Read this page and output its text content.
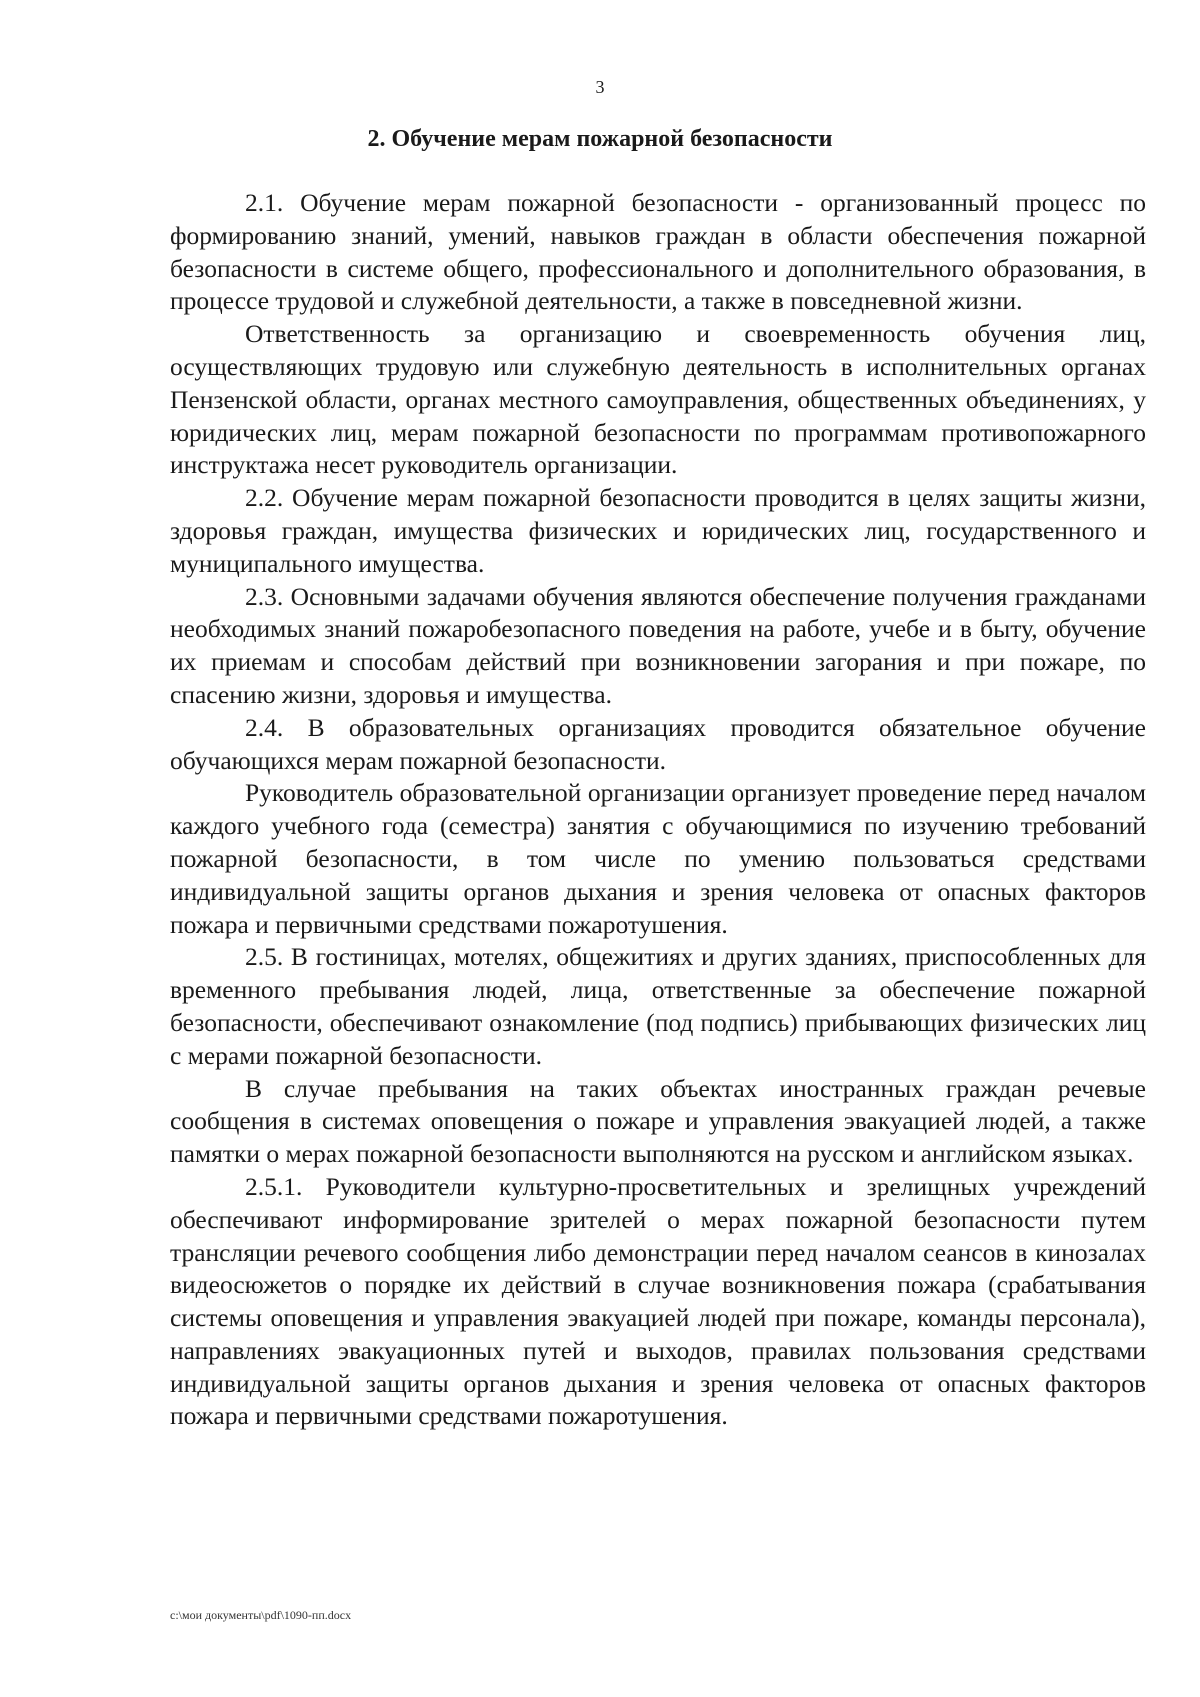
3
2. Обучение мерам пожарной безопасности

2.1. Обучение мерам пожарной безопасности - организованный процесс по формированию знаний, умений, навыков граждан в области обеспечения пожарной безопасности в системе общего, профессионального и дополнительного образования, в процессе трудовой и служебной деятельности, а также в повседневной жизни.

Ответственность за организацию и своевременность обучения лиц, осуществляющих трудовую или служебную деятельность в исполнительных органах Пензенской области, органах местного самоуправления, общественных объединениях, у юридических лиц, мерам пожарной безопасности по программам противопожарного инструктажа несет руководитель организации.

2.2. Обучение мерам пожарной безопасности проводится в целях защиты жизни, здоровья граждан, имущества физических и юридических лиц, государственного и муниципального имущества.

2.3. Основными задачами обучения являются обеспечение получения гражданами необходимых знаний пожаробезопасного поведения на работе, учебе и в быту, обучение их приемам и способам действий при возникновении загорания и при пожаре, по спасению жизни, здоровья и имущества.

2.4. В образовательных организациях проводится обязательное обучение обучающихся мерам пожарной безопасности.

Руководитель образовательной организации организует проведение перед началом каждого учебного года (семестра) занятия с обучающимися по изучению требований пожарной безопасности, в том числе по умению пользоваться средствами индивидуальной защиты органов дыхания и зрения человека от опасных факторов пожара и первичными средствами пожаротушения.

2.5. В гостиницах, мотелях, общежитиях и других зданиях, приспособленных для временного пребывания людей, лица, ответственные за обеспечение пожарной безопасности, обеспечивают ознакомление (под подпись) прибывающих физических лиц с мерами пожарной безопасности.

В случае пребывания на таких объектах иностранных граждан речевые сообщения в системах оповещения о пожаре и управления эвакуацией людей, а также памятки о мерах пожарной безопасности выполняются на русском и английском языках.

2.5.1. Руководители культурно-просветительных и зрелищных учреждений обеспечивают информирование зрителей о мерах пожарной безопасности путем трансляции речевого сообщения либо демонстрации перед началом сеансов в кинозалах видеосюжетов о порядке их действий в случае возникновения пожара (срабатывания системы оповещения и управления эвакуацией людей при пожаре, команды персонала), направлениях эвакуационных путей и выходов, правилах пользования средствами индивидуальной защиты органов дыхания и зрения человека от опасных факторов пожара и первичными средствами пожаротушения.

c:\мои документы\pdf\1090-пп.docx
